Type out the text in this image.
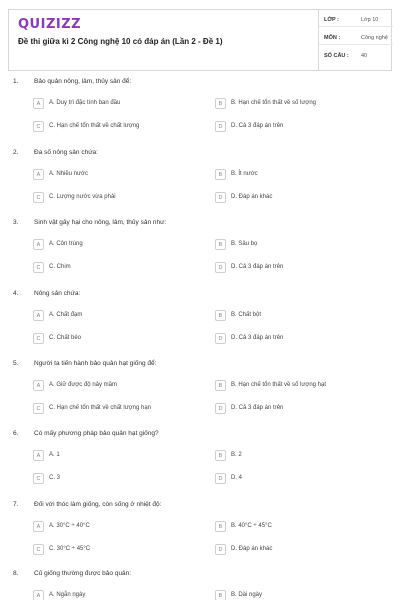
QUIZIZZ
Đề thi giữa kì 2 Công nghệ 10 có đáp án (Lần 2 - Đề 1)
LỚP :	Lớp 10
MÔN :	Công nghệ
SỐ CÂU : 40
1. Bảo quản nông, lâm, thủy sản để:
A	A. Duy trì đặc tính ban đầu	B	B. Hạn chế tổn thất về số lượng
C	C. Hạn chế tổn thất về chất lượng	D	D. Cả 3 đáp án trên
2. Đa số nông sản chứa:
A	A. Nhiều nước	B	B. Ít nước
C	C. Lượng nước vừa phải	D	D. Đáp án khác
3. Sinh vật gây hại cho nông, lâm, thủy sản như:
A	A. Côn trùng	B	B. Sâu bọ
C	C. Chim	D	D. Cả 3 đáp án trên
4. Nông sản chứa:
A	A. Chất đạm	B	B. Chất bột
C	C. Chất béo	D	D. Cả 3 đáp án trên
5. Người ta tiến hành bảo quản hạt giống để:
A	A. Giữ được độ nảy mầm	B	B. Hạn chế tổn thất về số lượng hạt
C	C. Hạn chế tổn thất về chất lượng hạn	D	D. Cả 3 đáp án trên
6. Có mấy phương pháp bảo quản hạt giống?
A	A. 1	B	B. 2
C	C. 3	D	D. 4
7. Đối với thóc làm giống, còn sống ở nhiệt độ:
A	A. 30°C ÷ 40°C	B	B. 40°C ÷ 45°C
C	C. 30°C ÷ 45°C	D	D. Đáp án khác
8. Củ giống thường được bảo quản:
A	A. Ngắn ngày	B	B. Dài ngày
